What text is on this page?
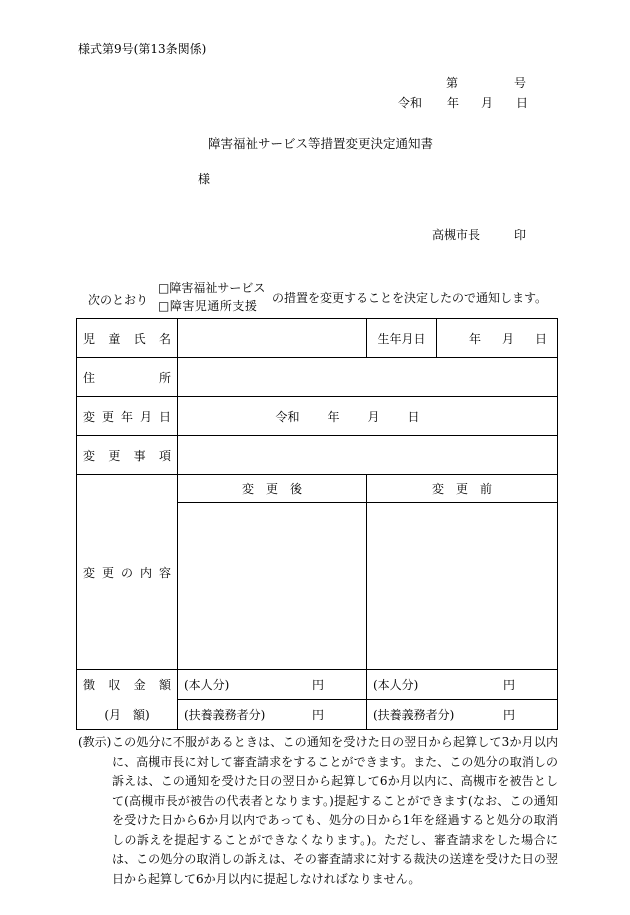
様式第9号(第13条関係)
第	号
令和 年 月 日
障害福祉サービス等措置変更決定通知書
様
高槻市長	印
次のとおり
□障害福祉サービス
□障害児通所支援
の措置を変更することを決定したので通知します。
児童氏名		生年月日	年 月 日

住所			
変更年月日	令和 年 月 日		

変更事項			
変更の内容	変　更　後	変　更　前	

徴収金額	(本人分) 円	(本人分) 円	

(月　額)	(扶養義務者分) 円	(扶養義務者分) 円	
(教示) この処分に不服があるときは、この通知を受けた日の翌日から起算して3か月以内に、高槻市長に対して審査請求をすることができます。また、この処分の取消しの訴えは、この通知を受けた日の翌日から起算して6か月以内に、高槻市を被告として(高槻市長が被告の代表者となります。)提起することができます(なお、この通知を受けた日から6か月以内であっても、処分の日から1年を経過すると処分の取消しの訴えを提起することができなくなります。)。ただし、審査請求をした場合には、この処分の取消しの訴えは、その審査請求に対する裁決の送達を受けた日の翌日から起算して6か月以内に提起しなければなりません。
